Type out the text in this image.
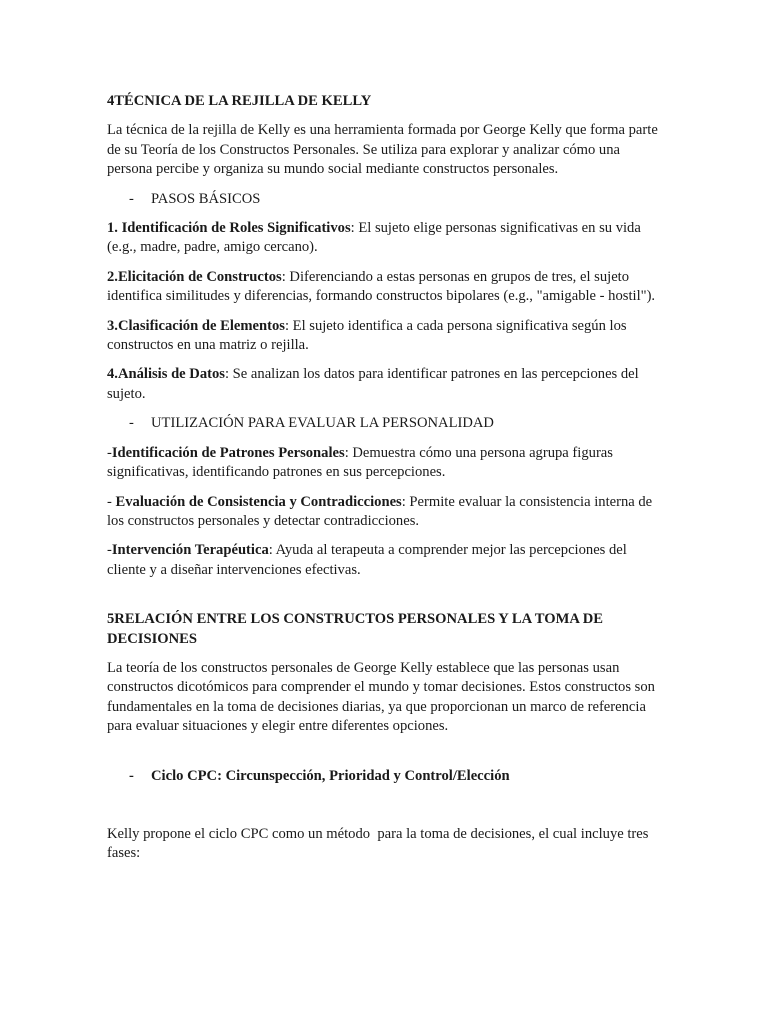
4TÉCNICA DE LA REJILLA DE KELLY

La técnica de la rejilla de Kelly es una herramienta formada por George Kelly que forma parte de su Teoría de los Constructos Personales. Se utiliza para explorar y analizar cómo una persona percibe y organiza su mundo social mediante constructos personales.

-	PASOS BÁSICOS

1. Identificación de Roles Significativos: El sujeto elige personas significativas en su vida (e.g., madre, padre, amigo cercano).

2.Elicitación de Constructos: Diferenciando a estas personas en grupos de tres, el sujeto identifica similitudes y diferencias, formando constructos bipolares (e.g., "amigable - hostil").

3.Clasificación de Elementos: El sujeto identifica a cada persona significativa según los constructos en una matriz o rejilla.

4.Análisis de Datos: Se analizan los datos para identificar patrones en las percepciones del sujeto.

-	UTILIZACIÓN PARA EVALUAR LA PERSONALIDAD

-Identificación de Patrones Personales: Demuestra cómo una persona agrupa figuras significativas, identificando patrones en sus percepciones.

- Evaluación de Consistencia y Contradicciones: Permite evaluar la consistencia interna de los constructos personales y detectar contradicciones.

-Intervención Terapéutica: Ayuda al terapeuta a comprender mejor las percepciones del cliente y a diseñar intervenciones efectivas.

5RELACIÓN ENTRE LOS CONSTRUCTOS PERSONALES Y LA TOMA DE DECISIONES

La teoría de los constructos personales de George Kelly establece que las personas usan constructos dicotómicos para comprender el mundo y tomar decisiones. Estos constructos son fundamentales en la toma de decisiones diarias, ya que proporcionan un marco de referencia para evaluar situaciones y elegir entre diferentes opciones.

-	Ciclo CPC: Circunspección, Prioridad y Control/Elección

Kelly propone el ciclo CPC como un método  para la toma de decisiones, el cual incluye tres fases:
